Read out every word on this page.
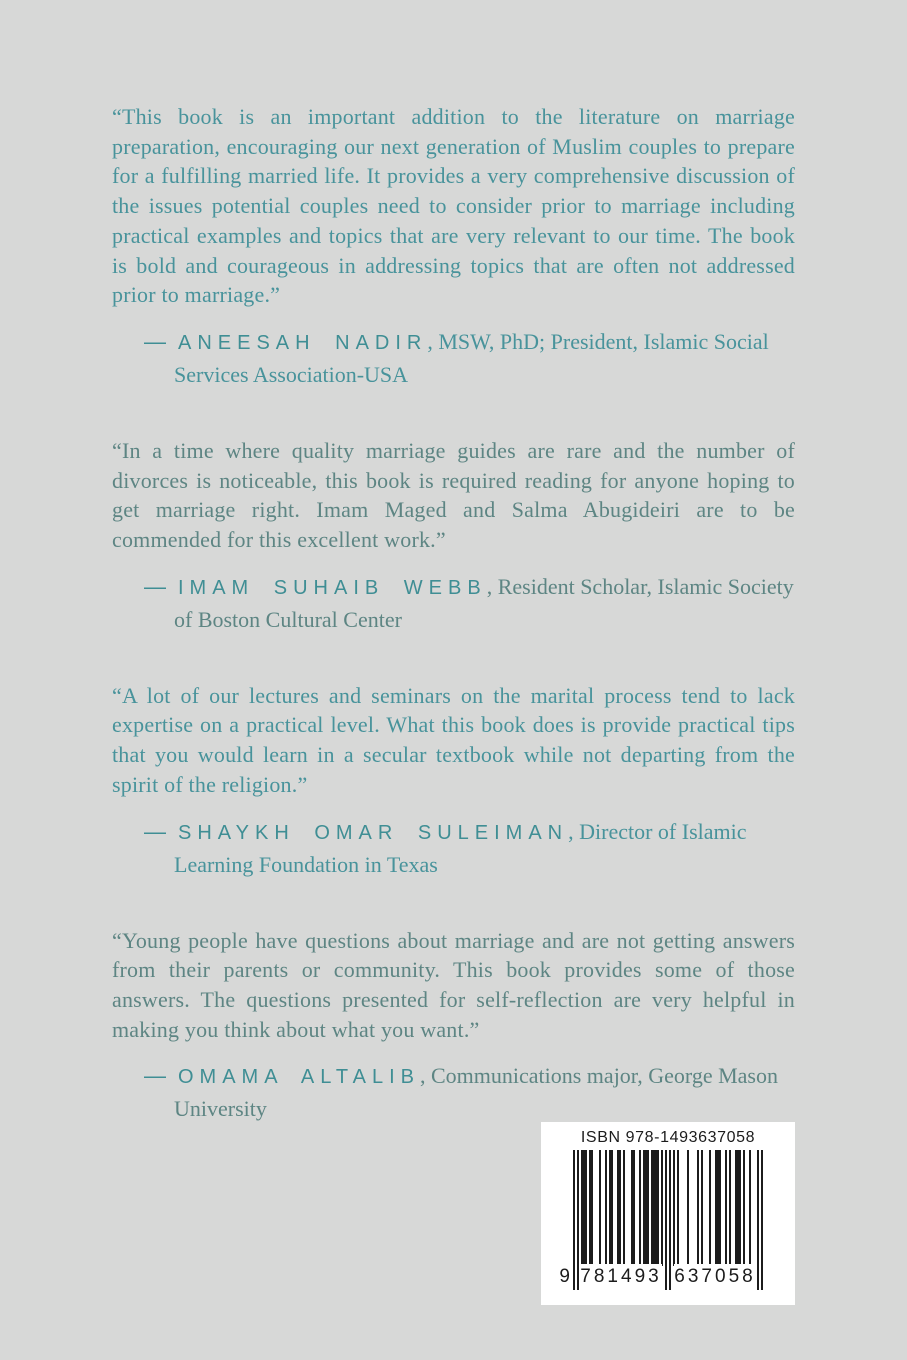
“This book is an important addition to the literature on marriage preparation, encouraging our next generation of Muslim couples to prepare for a fulfilling married life. It provides a very comprehensive discussion of the issues potential couples need to consider prior to marriage including practical examples and topics that are very relevant to our time. The book is bold and courageous in addressing topics that are often not addressed prior to marriage.”

— ANEESAH NADIR, MSW, PhD; President, Islamic Social Services Association-USA

“In a time where quality marriage guides are rare and the number of divorces is noticeable, this book is required reading for anyone hoping to get marriage right. Imam Maged and Salma Abugideiri are to be commended for this excellent work.”

— IMAM SUHAIB WEBB, Resident Scholar, Islamic Society of Boston Cultural Center

“A lot of our lectures and seminars on the marital process tend to lack expertise on a practical level. What this book does is provide practical tips that you would learn in a secular textbook while not departing from the spirit of the religion.”

— SHAYKH OMAR SULEIMAN, Director of Islamic Learning Foundation in Texas

“Young people have questions about marriage and are not getting answers from their parents or community. This book provides some of those answers. The questions presented for self-reflection are very helpful in making you think about what you want.”

— OMAMA ALTALIB, Communications major, George Mason University

ISBN 978-1493637058
9 781493 637058
